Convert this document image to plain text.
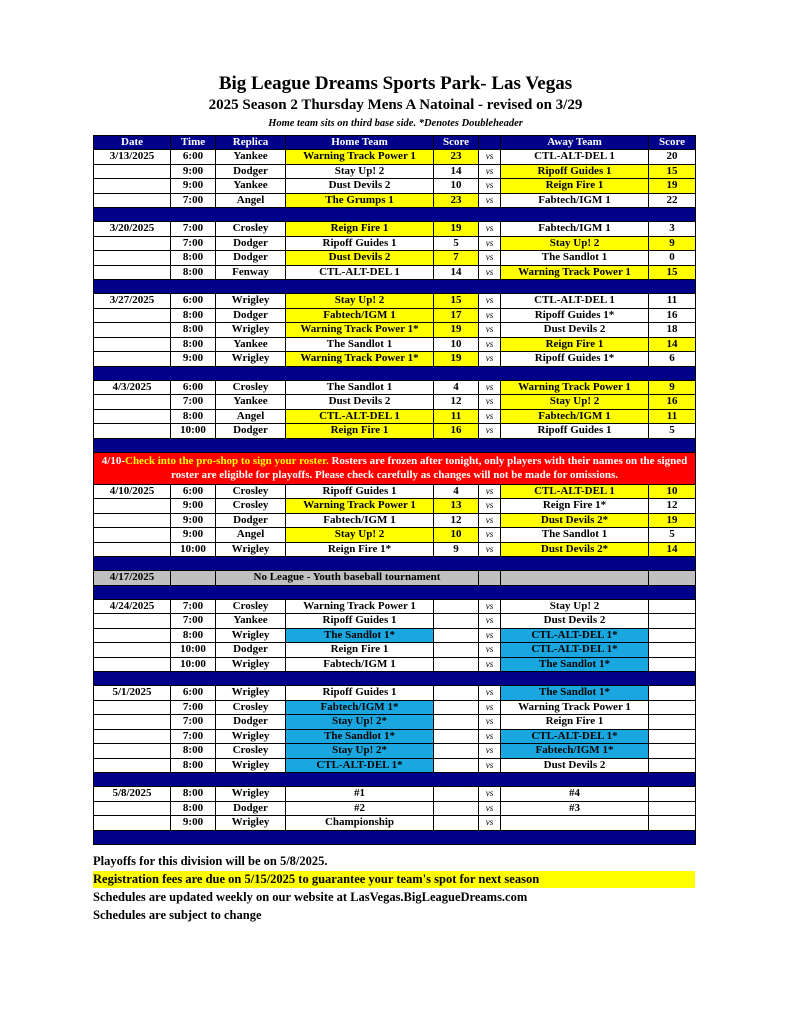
Big League Dreams Sports Park- Las Vegas
2025 Season 2 Thursday Mens A Natoinal - revised on 3/29
Home team sits on third base side. *Denotes Doubleheader
Date	Time	Replica	Home Team	Score		Away Team	Score
3/13/2025	6:00	Yankee	Warning Track Power 1	23	vs	CTL-ALT-DEL 1	20
	9:00	Dodger	Stay Up! 2	14	vs	Ripoff Guides 1	15
	9:00	Yankee	Dust Devils 2	10	vs	Reign Fire 1	19
	7:00	Angel	The Grumps 1	23	vs	Fabtech/IGM 1	22

3/20/2025	7:00	Crosley	Reign Fire 1	19	vs	Fabtech/IGM 1	3
	7:00	Dodger	Ripoff Guides 1	5	vs	Stay Up! 2	9
	8:00	Dodger	Dust Devils 2	7	vs	The Sandlot 1	0
	8:00	Fenway	CTL-ALT-DEL 1	14	vs	Warning Track Power 1	15

3/27/2025	6:00	Wrigley	Stay Up! 2	15	vs	CTL-ALT-DEL 1	11
	8:00	Dodger	Fabtech/IGM 1	17	vs	Ripoff Guides 1*	16
	8:00	Wrigley	Warning Track Power 1*	19	vs	Dust Devils 2	18
	8:00	Yankee	The Sandlot 1	10	vs	Reign Fire 1	14
	9:00	Wrigley	Warning Track Power 1*	19	vs	Ripoff Guides 1*	6

4/3/2025	6:00	Crosley	The Sandlot 1	4	vs	Warning Track Power 1	9
	7:00	Yankee	Dust Devils 2	12	vs	Stay Up! 2	16
	8:00	Angel	CTL-ALT-DEL 1	11	vs	Fabtech/IGM 1	11
	10:00	Dodger	Reign Fire 1	16	vs	Ripoff Guides 1	5

4/10-Check into the pro-shop to sign your roster. Rosters are frozen after tonight, only players with their names on the signed roster are eligible for playoffs. Please check carefully as changes will not be made for omissions.							
4/10/2025	6:00	Crosley	Ripoff Guides 1	4	vs	CTL-ALT-DEL 1	10
	9:00	Crosley	Warning Track Power 1	13	vs	Reign Fire 1*	12
	9:00	Dodger	Fabtech/IGM 1	12	vs	Dust Devils 2*	19
	9:00	Angel	Stay Up! 2	10	vs	The Sandlot 1	5
	10:00	Wrigley	Reign Fire 1*	9	vs	Dust Devils 2*	14

4/17/2025		No League - Youth baseball tournament					

4/24/2025	7:00	Crosley	Warning Track Power 1		vs	Stay Up! 2	
	7:00	Yankee	Ripoff Guides 1		vs	Dust Devils 2	
	8:00	Wrigley	The Sandlot 1*		vs	CTL-ALT-DEL 1*	
	10:00	Dodger	Reign Fire 1		vs	CTL-ALT-DEL 1*	
	10:00	Wrigley	Fabtech/IGM 1		vs	The Sandlot 1*	

5/1/2025	6:00	Wrigley	Ripoff Guides 1		vs	The Sandlot 1*	
	7:00	Crosley	Fabtech/IGM 1*		vs	Warning Track Power 1	
	7:00	Dodger	Stay Up! 2*		vs	Reign Fire 1	
	7:00	Wrigley	The Sandlot 1*		vs	CTL-ALT-DEL 1*	
	8:00	Crosley	Stay Up! 2*		vs	Fabtech/IGM 1*	
	8:00	Wrigley	CTL-ALT-DEL 1*		vs	Dust Devils 2	

5/8/2025	8:00	Wrigley	#1		vs	#4	
	8:00	Dodger	#2		vs	#3	
	9:00	Wrigley	Championship		vs		

Playoffs for this division will be on 5/8/2025.
Registration fees are due on 5/15/2025 to guarantee your team's spot for next season
Schedules are updated weekly on our website at LasVegas.BigLeagueDreams.com
Schedules are subject to change
